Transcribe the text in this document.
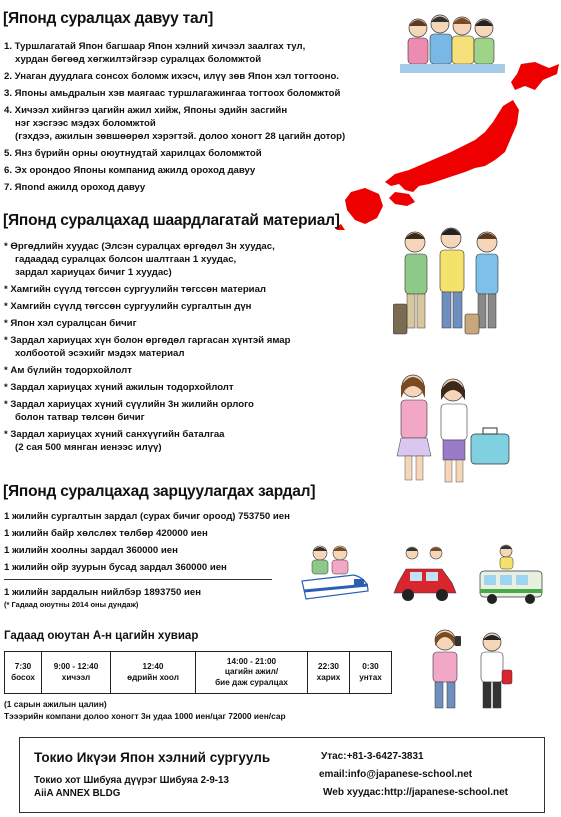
[Японд суралцах давуу тал]
1. Туршлагатай Япон багшаар Япон хэлний хичээл заалгах тул,
хурдан бөгөөд хөгжилтэйгээр суралцах боломжтой
2. Унаган дуудлага сонсох боломж ихэсч, илүү зөв Япон хэл тогтооно.
3. Японы амьдралын хэв маягаас туршлагажингаа тогтоох боломжтой
4. Хичээл хийнгээ цагийн ажил хийж, Японы эдийн засгийн
нэг хэсгээс мэдэх боломжтой
(гэхдээ, ажилын зөвшөөрөл хэрэгтэй. долоо хоногт 28 цагийн дотор)
5. Янз бүрийн орны оюутнудтай харилцах боломжтой
6. Эх орондоо Японы компанид ажилд ороход давуу
7. Япond ажилд ороход давуу
[Японд суралцахад шаардлагатай материал]
* Өргөдлийн хуудас (Элсэн суралцах өргөдөл 3н хуудас,
гадаадад суралцах болсон шалтгаан 1 хуудас,
зардал хариуцах бичиг 1 хуудас)
* Хамгийн сүүлд төгссөн сургуулийн төгссөн материал
* Хамгийн сүүлд төгссөн сургуулийн сургалтын дүн
* Япон хэл суралцсан бичиг
* Зардал хариуцах хүн болон өргөдөл гаргасан хүнтэй ямар
холбоотой эсэхийг мэдэх материал
* Ам бүлийн тодорхойлолт
* Зардал хариуцах хүний ажилын тодорхойлолт
* Зардал хариуцах хүний сүүлийн 3н жилийн орлого
болон татвар төлсөн бичиг
* Зардал хариуцах хүний санхүүгийн баталгаа
(2 сая 500 мянган иенээс илүү)
[Японд суралцахад зарцуулагдах зардал]
1 жилийн сургалтын зардал (сурах бичиг ороод) 753750 иен
1 жилийн байр хөлслөх төлбөр 420000 иен
1 жилийн хоолны зардал 360000 иен
1 жилийн ойр зуурын бусад зардал 360000 иен
1 жилийн зардалын нийлбэр 1893750 иен
(* Гадаад оюутны 2014 оны дундаж)
Гадаад оюутан А-н цагийн хувиар
7:30
босох

9:00 - 12:40
хичээл

12:40
өдрийн хоол

14:00 - 21:00
цагийн ажил/
бие даж суралцах

22:30
харих

0:30
унтах
(1 сарын ажилын цалин)
Тэээрийн компани долоо хоногт 3н удаа 1000 иен/цаг 72000 иен/сар
Токио Икүэи Япон хэлний сургууль
Токио хот Шибуяа дүүрэг Шибуяа 2-9-13
AiiA ANNEX BLDG
Утас:+81-3-6427-3831
email:info@japanese-school.net
Web хуудас:http://japanese-school.net
